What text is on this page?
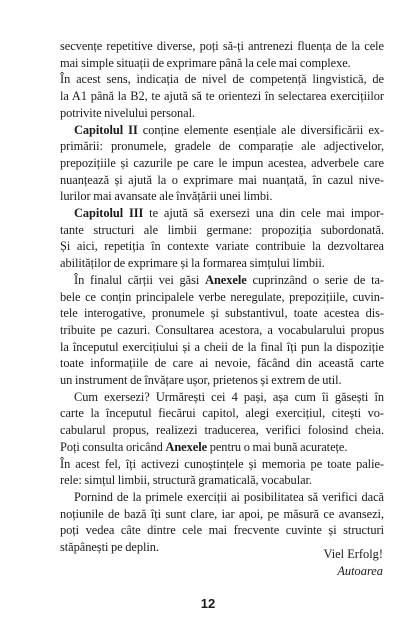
secvențe repetitive diverse, poți să-ți antrenezi fluența de la cele
mai simple situații de exprimare până la cele mai complexe.
În acest sens, indicația de nivel de competență lingvistică, de
la A1 până la B2, te ajută să te orientezi în selectarea exercițiilor
potrivite nivelului personal.
Capitolul II conține elemente esențiale ale diversificării ex-
primării: pronumele, gradele de comparație ale adjectivelor,
prepozițiile și cazurile pe care le impun acestea, adverbele care
nuanțează și ajută la o exprimare mai nuanțată, în cazul nive-
lurilor mai avansate ale învățării unei limbi.
Capitolul III te ajută să exersezi una din cele mai impor-
tante structuri ale limbii germane: propoziția subordonată.
Și aici, repetiția în contexte variate contribuie la dezvoltarea
abilităților de exprimare și la formarea simțului limbii.
În finalul cărții vei găsi Anexele cuprinzând o serie de ta-
bele ce conțin principalele verbe neregulate, prepozițiile, cuvin-
tele interogative, pronumele și substantivul, toate acestea dis-
tribuite pe cazuri. Consultarea acestora, a vocabularului propus
la începutul exercițiului și a cheii de la final îți pun la dispoziție
toate informațiile de care ai nevoie, făcând din această carte
un instrument de învățare ușor, prietenos și extrem de util.
Cum exersezi? Urmărești cei 4 pași, așa cum îi găsești în
carte la începutul fiecărui capitol, alegi exercițiul, citești vo-
cabularul propus, realizezi traducerea, verifici folosind cheia.
Poți consulta oricând Anexele pentru o mai bună acuratețe.
În acest fel, îți activezi cunoștințele și memoria pe toate palie-
rele: simțul limbii, structură gramaticală, vocabular.
Pornind de la primele exerciții ai posibilitatea să verifici dacă
noțiunile de bază îți sunt clare, iar apoi, pe măsură ce avansezi,
poți vedea câte dintre cele mai frecvente cuvinte și structuri
stăpânești pe deplin.	Viel Erfolg!
Autoarea
12
